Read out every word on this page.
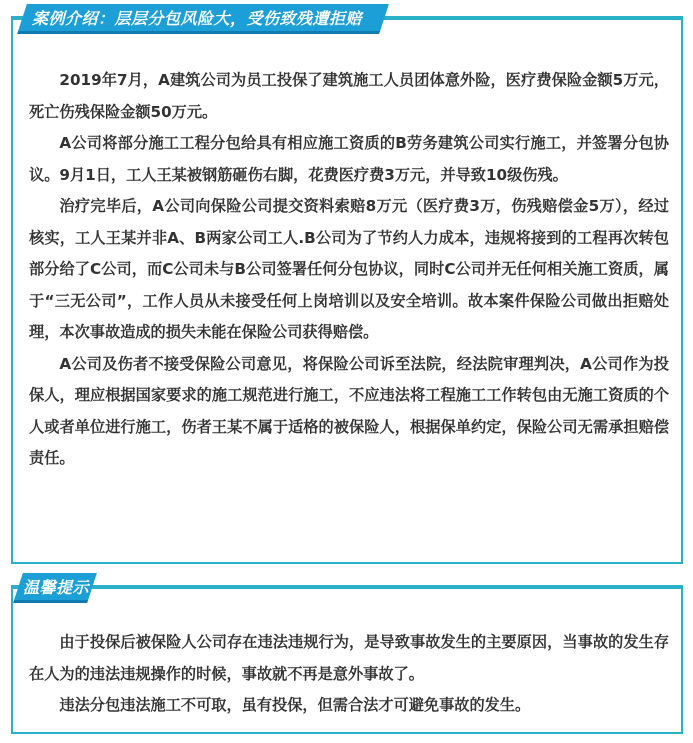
案例介绍：层层分包风险大，受伤致残遭拒赔

2019年7月，A建筑公司为员工投保了建筑施工人员团体意外险，医疗费保险金额5万元，死亡伤残保险金额50万元。

A公司将部分施工工程分包给具有相应施工资质的B劳务建筑公司实行施工，并签署分包协议。9月1日，工人王某被钢筋砸伤右脚，花费医疗费3万元，并导致10级伤残。

治疗完毕后，A公司向保险公司提交资料索赔8万元（医疗费3万，伤残赔偿金5万），经过核实，工人王某并非A、B两家公司工人.B公司为了节约人力成本，违规将接到的工程再次转包部分给了C公司，而C公司未与B公司签署任何分包协议，同时C公司并无任何相关施工资质，属于“三无公司”，工作人员从未接受任何上岗培训以及安全培训。故本案件保险公司做出拒赔处理，本次事故造成的损失未能在保险公司获得赔偿。

A公司及伤者不接受保险公司意见，将保险公司诉至法院，经法院审理判决，A公司作为投保人，理应根据国家要求的施工规范进行施工，不应违法将工程施工工作转包由无施工资质的个人或者单位进行施工，伤者王某不属于适格的被保险人，根据保单约定，保险公司无需承担赔偿责任。

温馨提示

由于投保后被保险人公司存在违法违规行为，是导致事故发生的主要原因，当事故的发生存在人为的违法违规操作的时候，事故就不再是意外事故了。

违法分包违法施工不可取，虽有投保，但需合法才可避免事故的发生。
